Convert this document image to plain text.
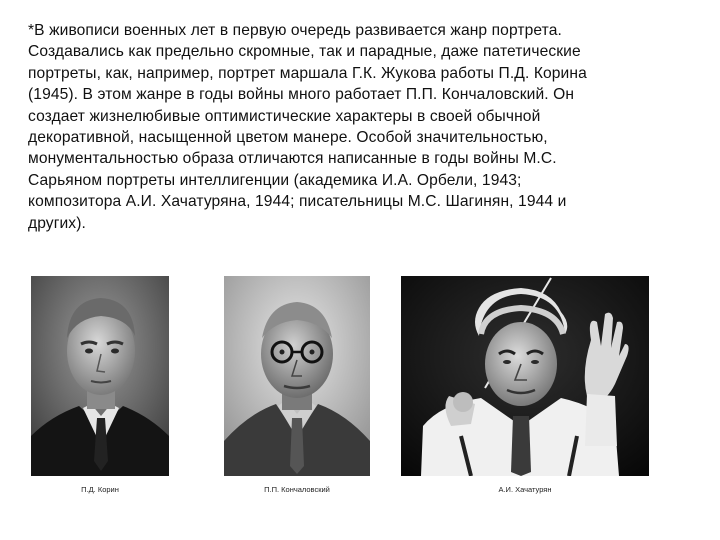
*В живописи военных лет в первую очередь развивается жанр портрета.
Создавались как предельно скромные, так и парадные, даже патетические
портреты, как, например, портрет маршала Г.К. Жукова работы П.Д. Корина
(1945). В этом жанре в годы войны много работает П.П. Кончаловский. Он
создает жизнелюбивые оптимистические характеры в своей обычной
декоративной, насыщенной цветом манере. Особой значительностью,
монументальностью образа отличаются написанные в годы войны М.С.
Сарьяном портреты интеллигенции (академика И.А. Орбели, 1943;
композитора А.И. Хачатуряна, 1944; писательницы М.С. Шагинян, 1944 и
других).
П.Д. Корин	П.П. Кончаловский	А.И. Хачатурян
